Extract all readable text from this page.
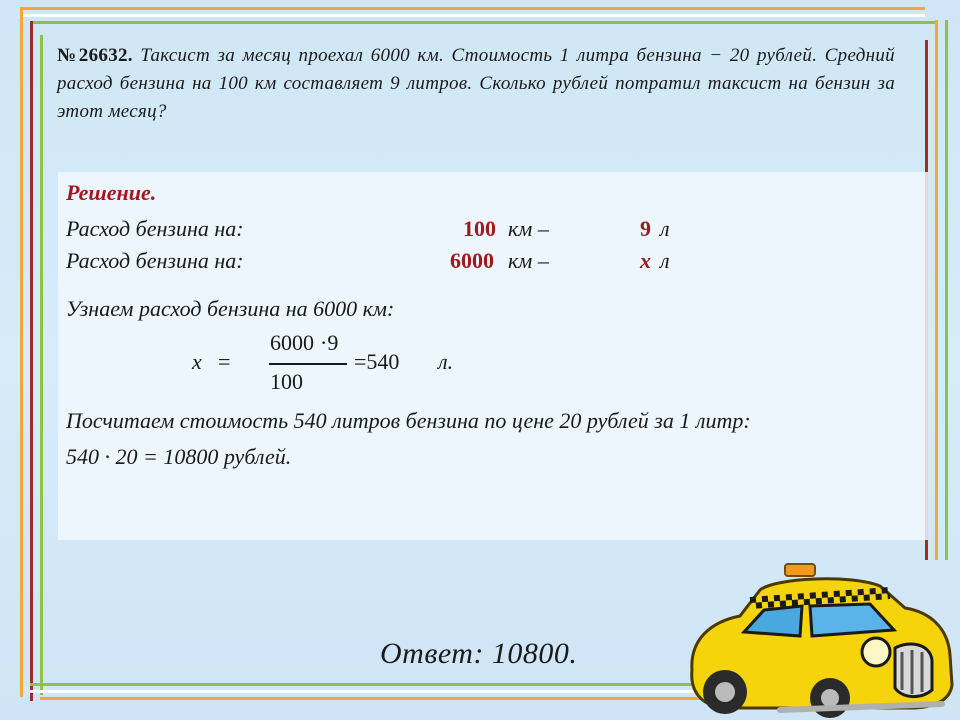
№26632. Таксист за месяц проехал 6000 км. Стоимость 1 литра бензина − 20 рублей. Средний расход бензина на 100 км составляет 9 литров. Сколько рублей потратил таксист на бензин за этот месяц?
Решение.
Расход бензина на:	100 км –	9 л
Расход бензина на:	6000 км –	x л
Узнаем расход бензина на 6000 км:
x =
6000 ·9
100
=540 л.
Посчитаем стоимость 540 литров бензина по цене 20 рублей за 1 литр:
540 · 20 = 10800 рублей.
Ответ: 10800.
